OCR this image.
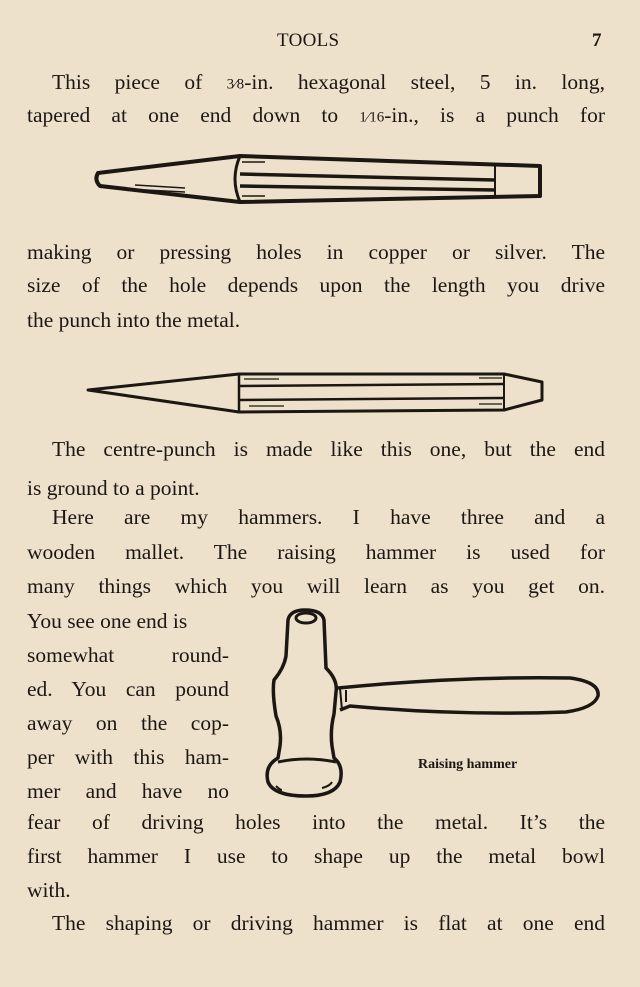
TOOLS	7
This piece of 3⁄8-in. hexagonal steel, 5 in. long,
tapered at one end down to 1⁄16-in., is a punch for
making or pressing holes in copper or silver. The
size of the hole depends upon the length you drive
the punch into the metal.
The centre-punch is made like this one, but the end
is ground to a point.
Here are my hammers. I have three and a
wooden mallet. The raising hammer is used for
many things which you will learn as you get on.
You see one end is
somewhat round-
ed. You can pound
away on the cop-
per with this ham-
mer and have no
Raising hammer
fear of driving holes into the metal. It’s the
first hammer I use to shape up the metal bowl
with.
The shaping or driving hammer is flat at one end
